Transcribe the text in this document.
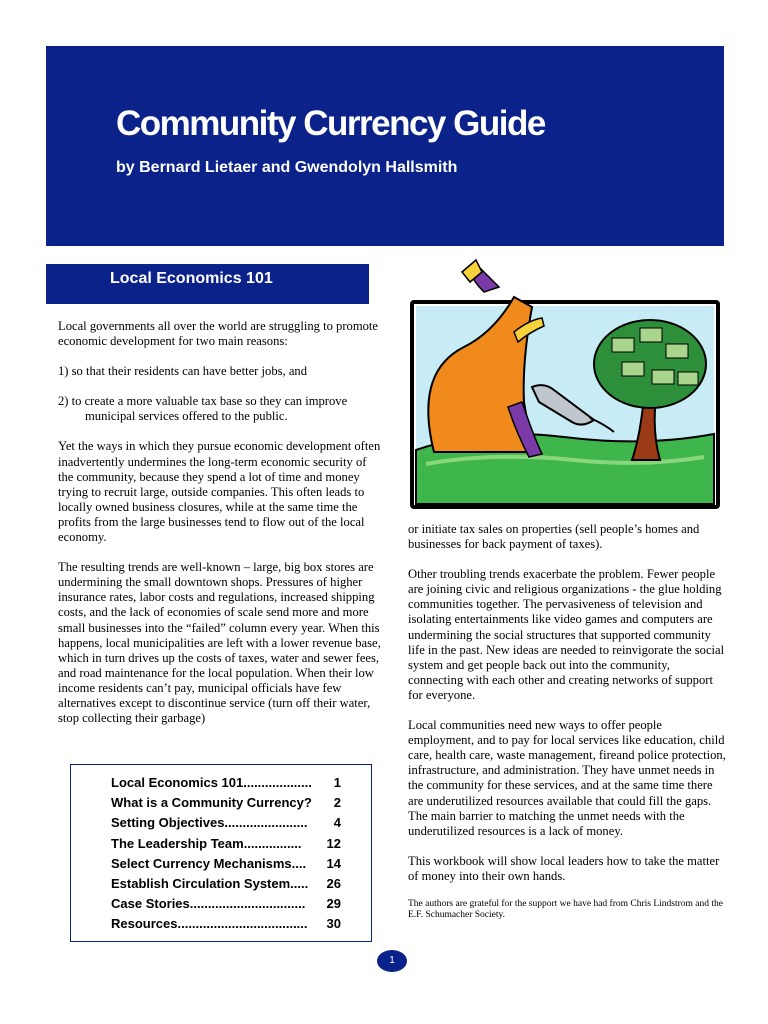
Community Currency Guide
by Bernard Lietaer and Gwendolyn Hallsmith
Local Economics 101

Local governments all over the world are struggling to promote economic development for two main reasons:

1) so that their residents can have better jobs, and

2) to create a more valuable tax base so they can improve municipal services offered to the public.

Yet the ways in which they pursue economic development often inadvertently undermines the long-term economic security of the community, because they spend a lot of time and money trying to recruit large, outside companies. This often leads to locally owned business closures, while at the same time the profits from the large businesses tend to flow out of the local economy.

The resulting trends are well-known – large, big box stores are undermining the small downtown shops. Pressures of higher insurance rates, labor costs and regulations, increased shipping costs, and the lack of economies of scale send more and more small businesses into the “failed” column every year. When this happens, local municipalities are left with a lower revenue base, which in turn drives up the costs of taxes, water and sewer fees, and road maintenance for the local population. When their low income residents can’t pay, municipal officials have few alternatives except to discontinue service (turn off their water, stop collecting their garbage)

Local Economics 101 ...................	1
What is a Community Currency? 2
Setting Objectives .......................	4
The Leadership Team ................	12
Select Currency Mechanisms ....	14
Establish Circulation System .....	26
Case Stories ................................	29
Resources ....................................	30

or initiate tax sales on properties (sell people’s homes and businesses for back payment of taxes).

Other troubling trends exacerbate the problem. Fewer people are joining civic and religious organizations - the glue holding communities together. The pervasiveness of television and isolating entertainments like video games and computers are undermining the social structures that supported community life in the past. New ideas are needed to reinvigorate the social system and get people back out into the community, connecting with each other and creating networks of support for everyone.

Local communities need new ways to offer people employment, and to pay for local services like education, child care, health care, waste management, fireand police protection, infrastructure, and administration. They have unmet needs in the community for these services, and at the same time there are underutilized resources available that could fill the gaps. The main barrier to matching the unmet needs with the underutilized resources is a lack of money.

This workbook will show local leaders how to take the matter of money into their own hands.

The authors are grateful for the support we have had from Chris Lindstrom and the E.F. Schumacher Society.

1
